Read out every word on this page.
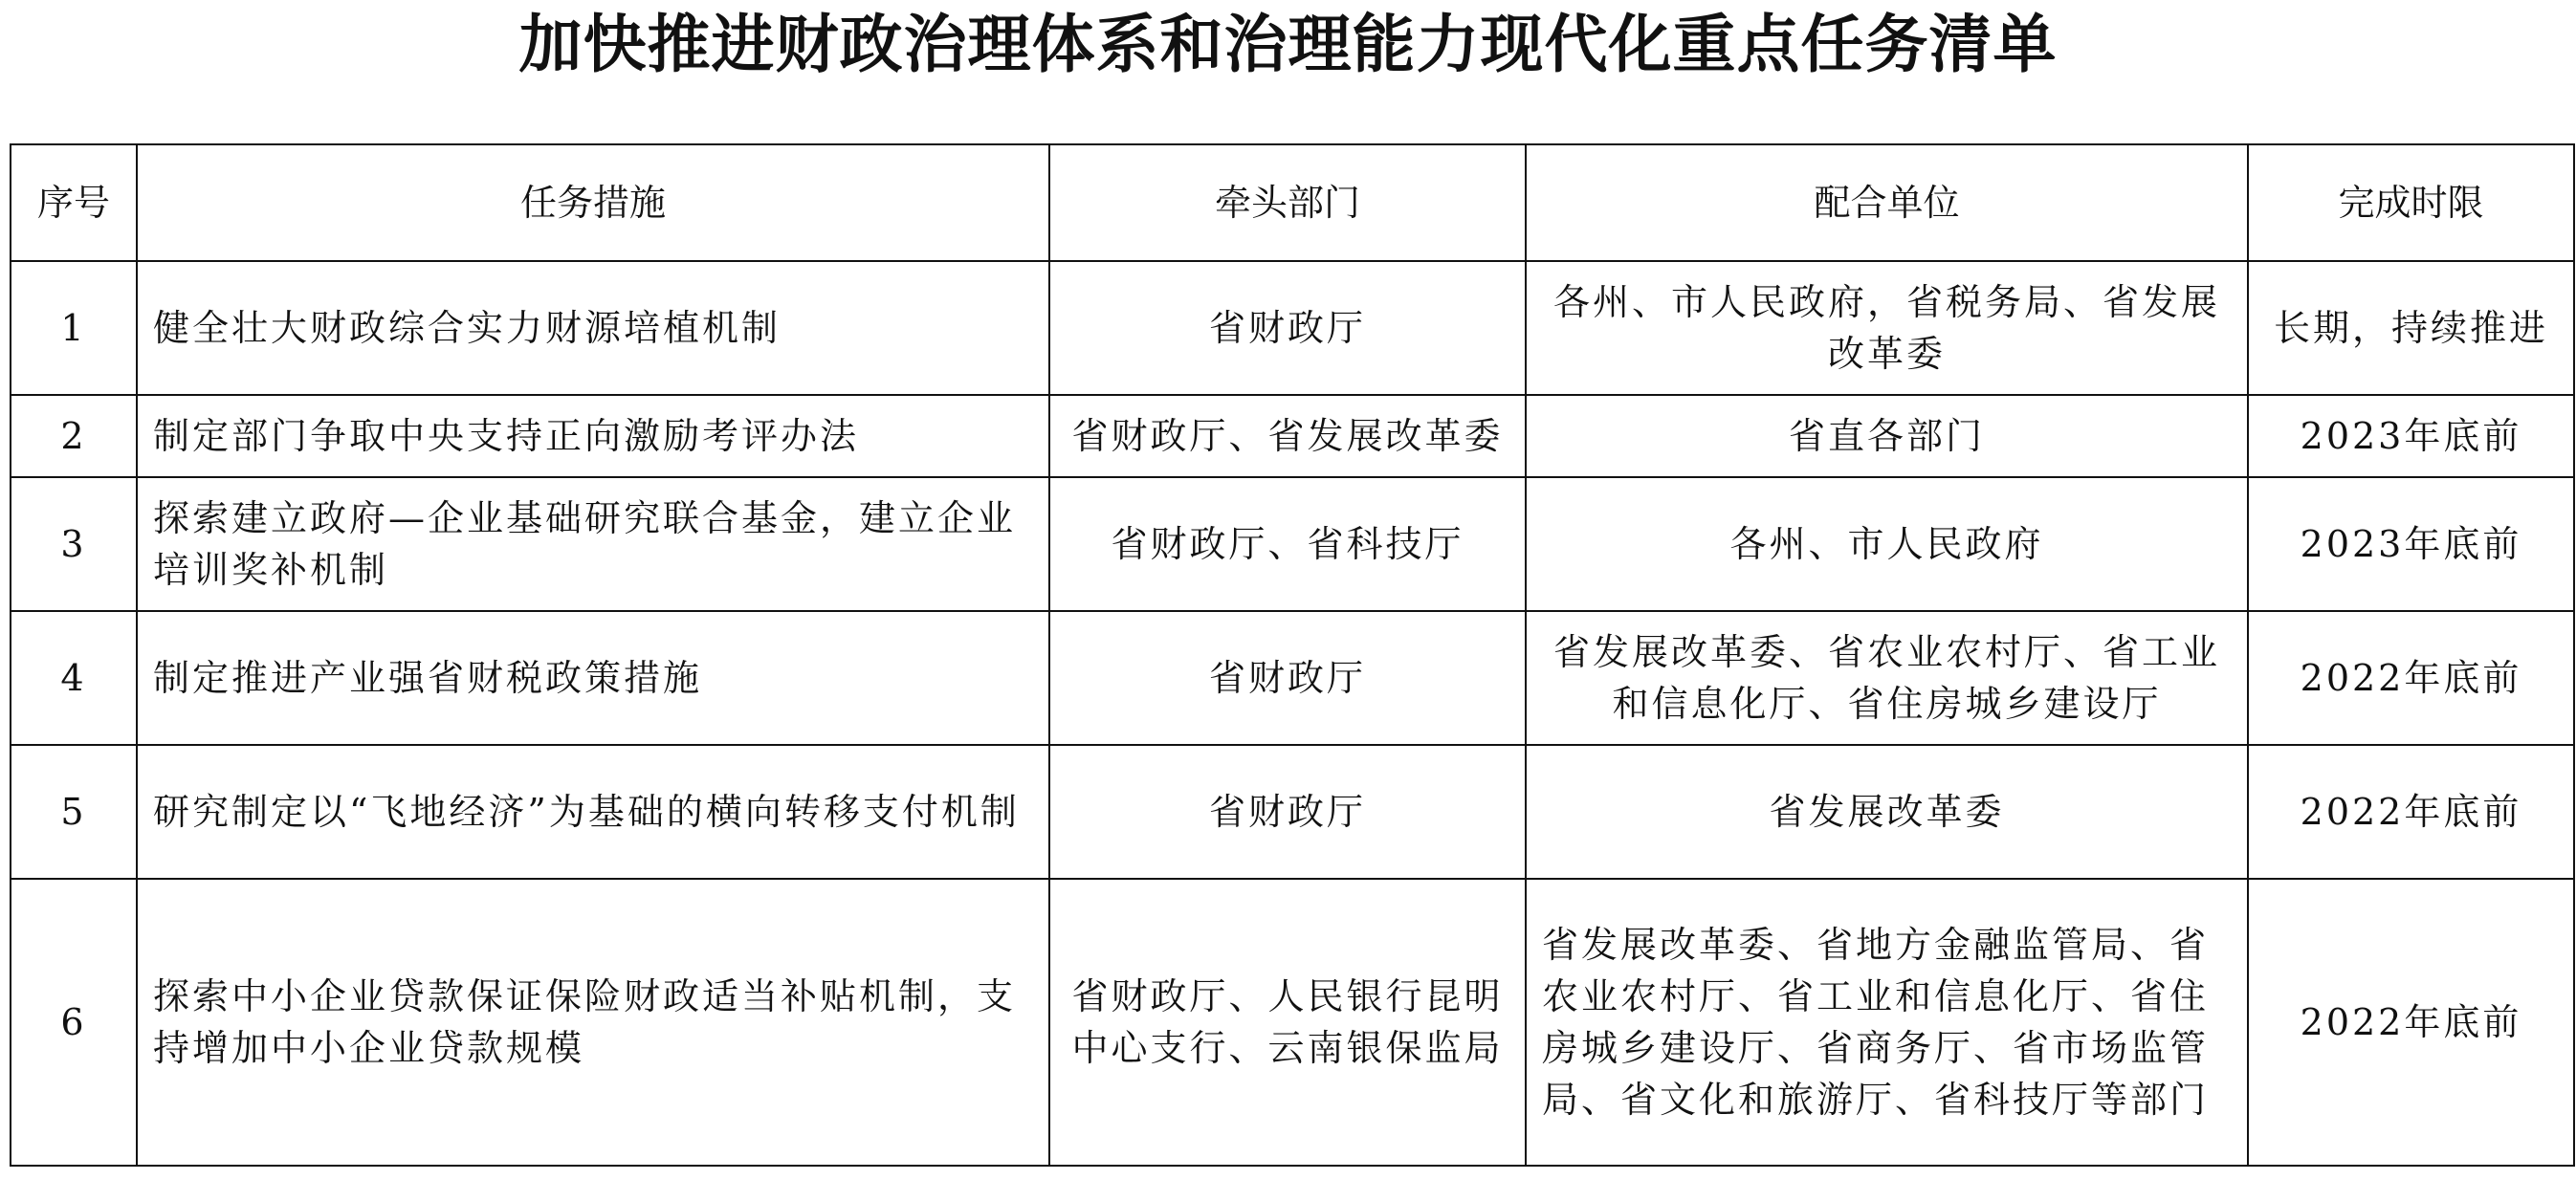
加快推进财政治理体系和治理能力现代化重点任务清单
序号	任务措施	牵头部门	配合单位	完成时限
1	健全壮大财政综合实力财源培植机制	省财政厅	各州、市人民政府，省税务局、省发展改革委	长期，持续推进
2	制定部门争取中央支持正向激励考评办法	省财政厅、省发展改革委	省直各部门	2023年底前
3	探索建立政府—企业基础研究联合基金，建立企业培训奖补机制	省财政厅、省科技厅	各州、市人民政府	2023年底前
4	制定推进产业强省财税政策措施	省财政厅	省发展改革委、省农业农村厅、省工业和信息化厅、省住房城乡建设厅	2022年底前
5	研究制定以“飞地经济”为基础的横向转移支付机制	省财政厅	省发展改革委	2022年底前
6	探索中小企业贷款保证保险财政适当补贴机制，支持增加中小企业贷款规模	省财政厅、人民银行昆明中心支行、云南银保监局	省发展改革委、省地方金融监管局、省农业农村厅、省工业和信息化厅、省住房城乡建设厅、省商务厅、省市场监管局、省文化和旅游厅、省科技厅等部门	2022年底前
